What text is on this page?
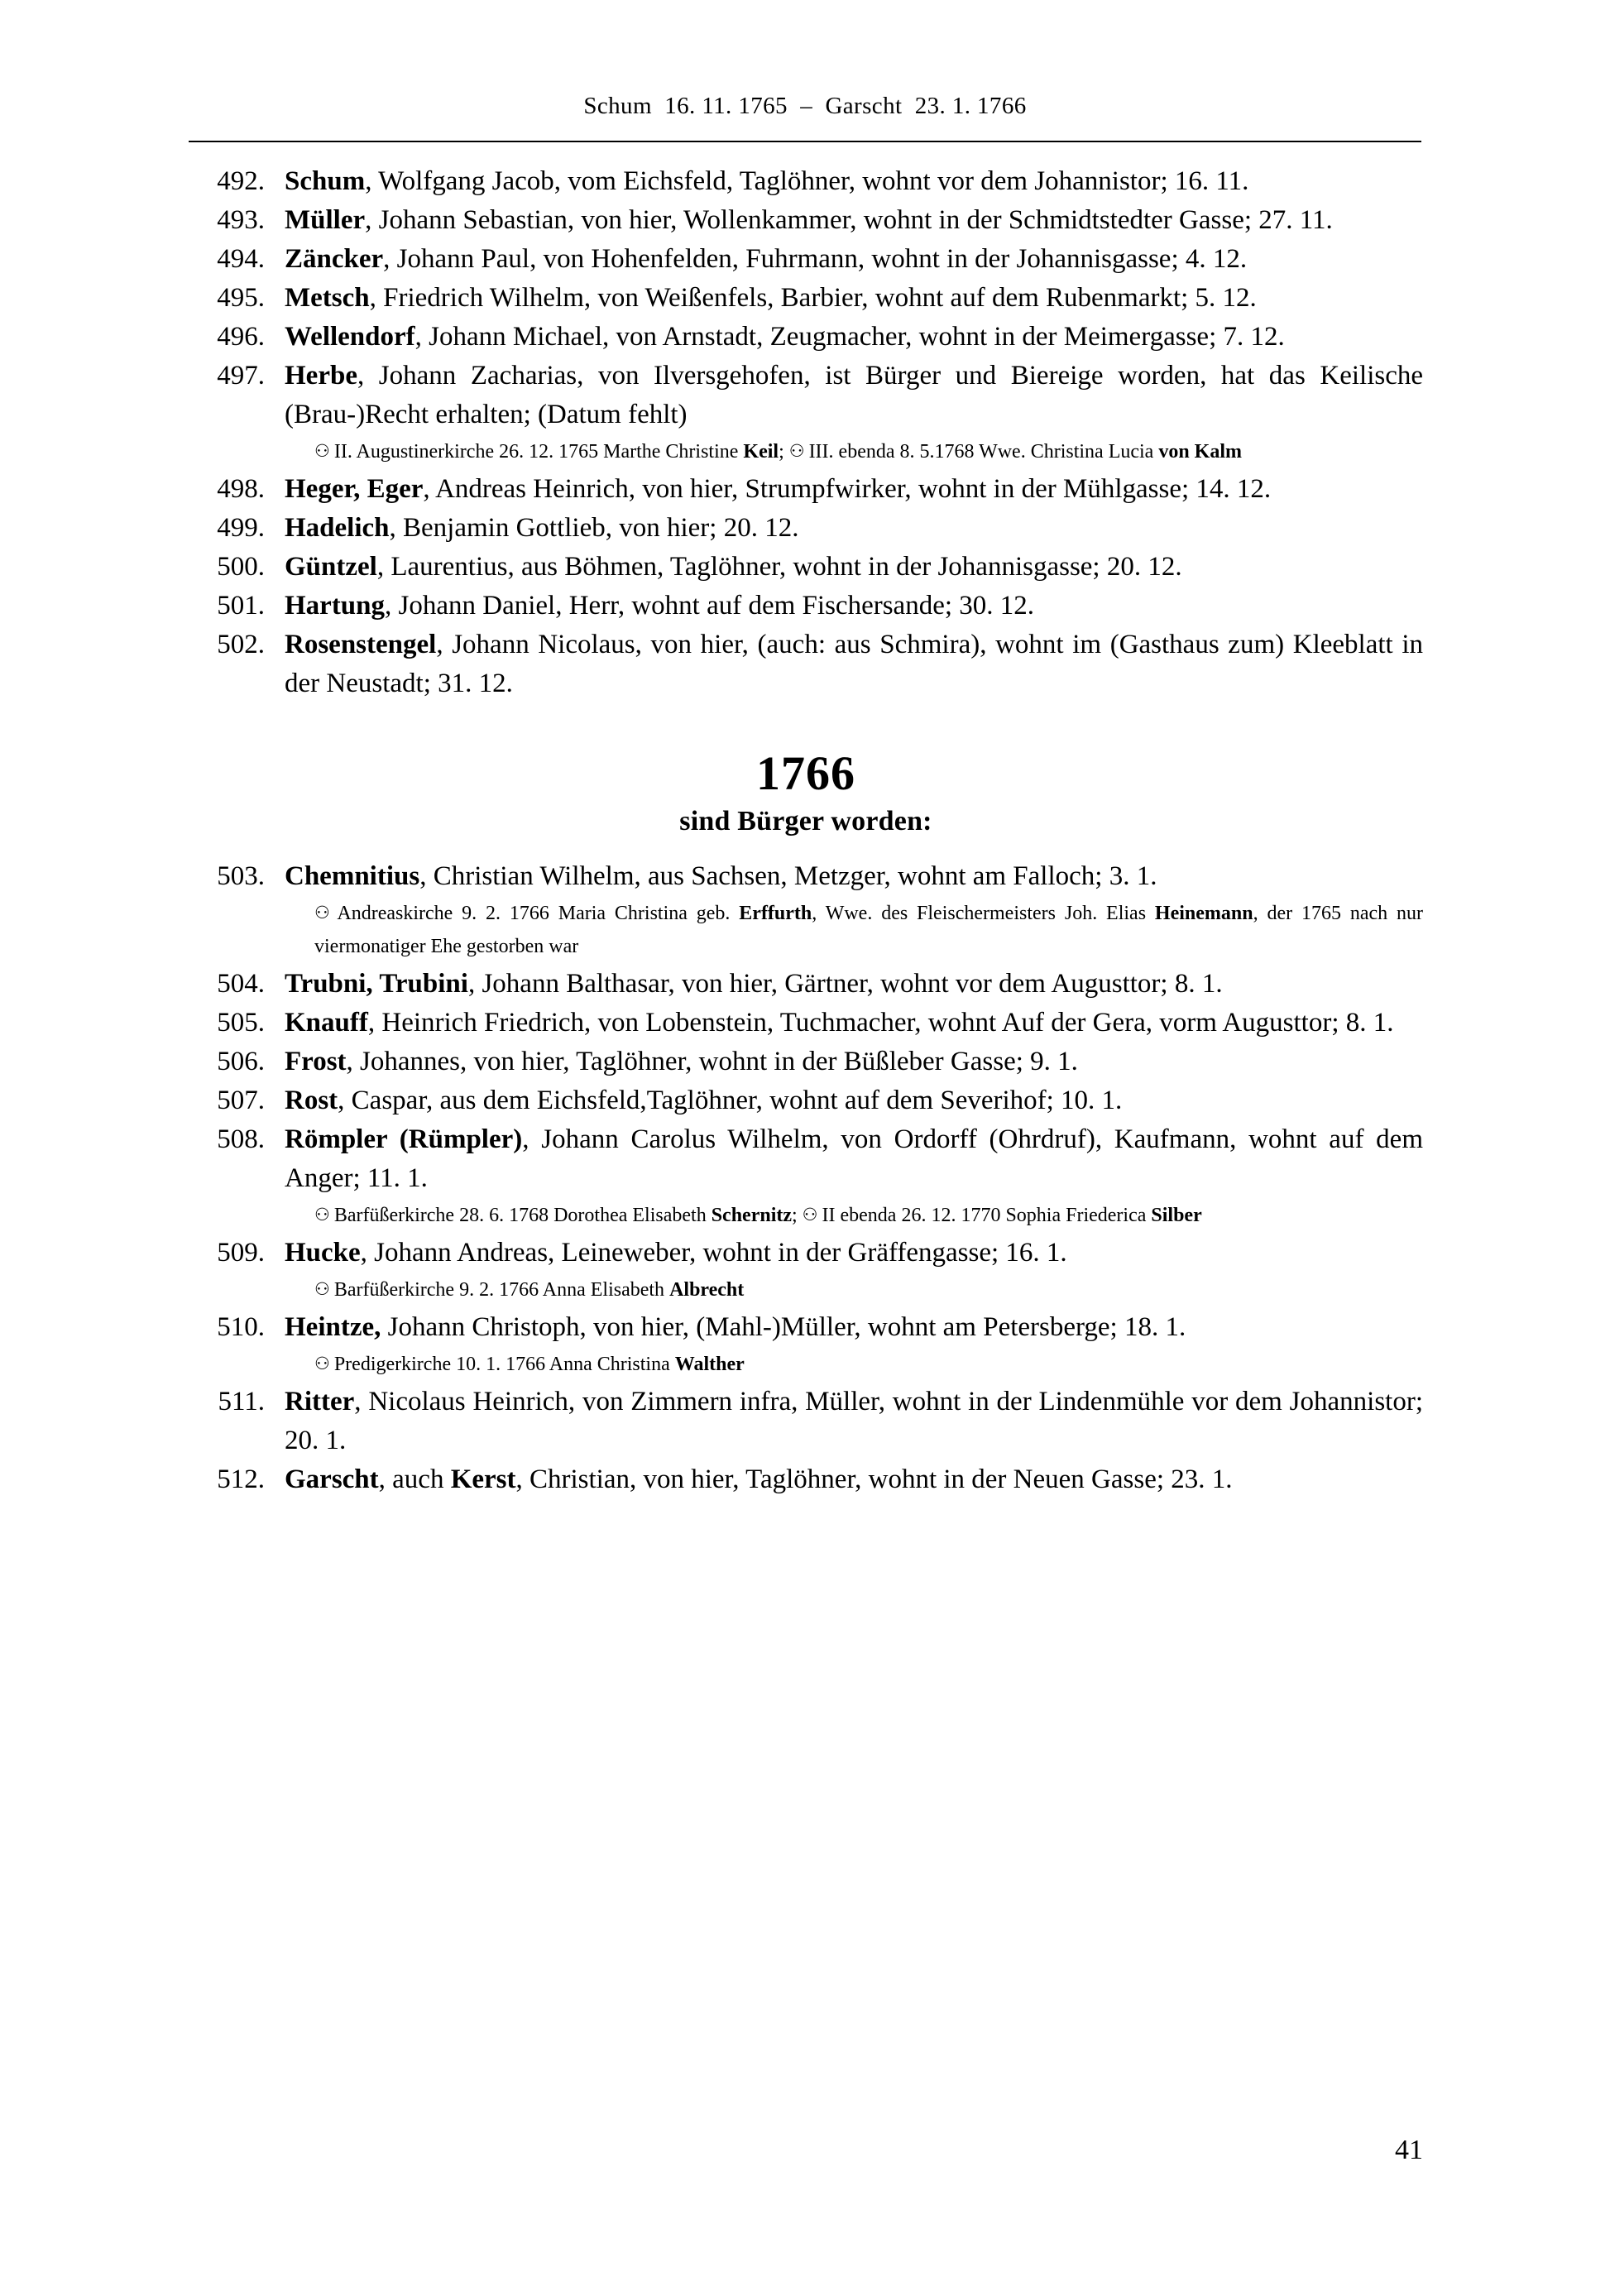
Schum  16. 11. 1765  –  Garscht  23. 1. 1766
492. Schum, Wolfgang Jacob, vom Eichsfeld, Taglöhner, wohnt vor dem Johannistor; 16. 11.
493. Müller, Johann Sebastian, von hier, Wollenkammer, wohnt in der Schmidtstedter Gasse; 27. 11.
494. Zäncker, Johann Paul, von Hohenfelden, Fuhrmann, wohnt in der Johannisgasse; 4. 12.
495. Metsch, Friedrich Wilhelm, von Weißenfels, Barbier, wohnt auf dem Rubenmarkt; 5. 12.
496. Wellendorf, Johann Michael, von Arnstadt, Zeugmacher, wohnt in der Meimergasse; 7. 12.
497. Herbe, Johann Zacharias, von Ilversgehofen, ist Bürger und Biereige worden, hat das Keilische (Brau-)Recht erhalten; (Datum fehlt)
⚇ II. Augustinerkirche 26. 12. 1765 Marthe Christine Keil; ⚇ III. ebenda 8. 5.1768 Wwe. Christina Lucia von Kalm
498. Heger, Eger, Andreas Heinrich, von hier, Strumpfwirker, wohnt in der Mühlgasse; 14. 12.
499. Hadelich, Benjamin Gottlieb, von hier; 20. 12.
500. Güntzel, Laurentius, aus Böhmen, Taglöhner, wohnt in der Johannisgasse; 20. 12.
501. Hartung, Johann Daniel, Herr, wohnt auf dem Fischersande; 30. 12.
502. Rosenstengel, Johann Nicolaus, von hier, (auch: aus Schmira), wohnt im (Gasthaus zum) Kleeblatt in der Neustadt; 31. 12.
1766
sind Bürger worden:
503. Chemnitius, Christian Wilhelm, aus Sachsen, Metzger, wohnt am Falloch; 3. 1.
⚇ Andreaskirche 9. 2. 1766 Maria Christina geb. Erffurth, Wwe. des Fleischermeisters Joh. Elias Heinemann, der 1765 nach nur viermonatiger Ehe gestorben war
504. Trubni, Trubini, Johann Balthasar, von hier, Gärtner, wohnt vor dem Augusttor; 8. 1.
505. Knauff, Heinrich Friedrich, von Lobenstein, Tuchmacher, wohnt Auf der Gera, vorm Augusttor; 8. 1.
506. Frost, Johannes, von hier, Taglöhner, wohnt in der Büßleber Gasse; 9. 1.
507. Rost, Caspar, aus dem Eichsfeld,Taglöhner, wohnt auf dem Severihof; 10. 1.
508. Römpler (Rümpler), Johann Carolus Wilhelm, von Ordorff (Ohrdruf), Kaufmann, wohnt auf dem Anger; 11. 1.
⚇ Barfüßerkirche 28. 6. 1768 Dorothea Elisabeth Schernitz; ⚇ II ebenda 26. 12. 1770 Sophia Friederica Silber
509. Hucke, Johann Andreas, Leineweber, wohnt in der Gräffengasse; 16. 1.
⚇ Barfüßerkirche 9. 2. 1766 Anna Elisabeth Albrecht
510. Heintze, Johann Christoph, von hier, (Mahl-)Müller, wohnt am Petersberge; 18. 1.
⚇ Predigerkirche 10. 1. 1766 Anna Christina Walther
511. Ritter, Nicolaus Heinrich, von Zimmern infra, Müller, wohnt in der Lindenmühle vor dem Johannistor; 20. 1.
512. Garscht, auch Kerst, Christian, von hier, Taglöhner, wohnt in der Neuen Gasse; 23. 1.
41
